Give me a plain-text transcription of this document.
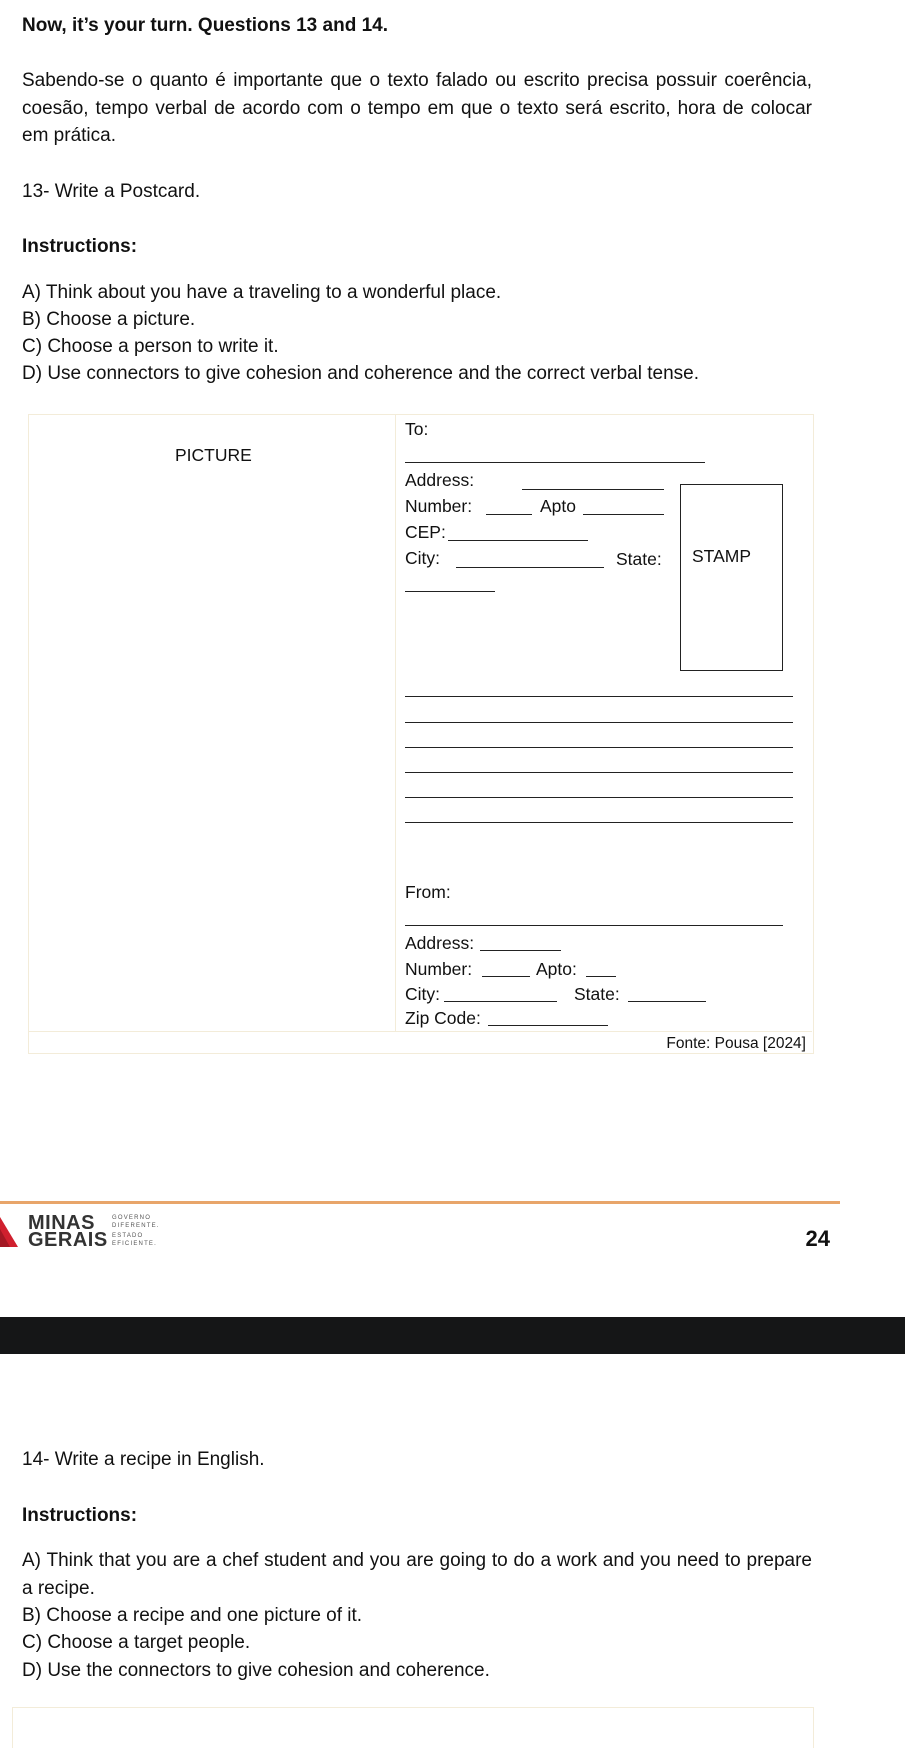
Now, it’s your turn. Questions 13 and 14.
Sabendo-se o quanto é importante que o texto falado ou escrito precisa possuir coerência, coesão, tempo verbal de acordo com o tempo em que o texto será escrito, hora de colocar em prática.
13- Write a Postcard.
Instructions:
A) Think about you have a traveling to a wonderful place.
B) Choose a picture.
C) Choose a person to write it.
D) Use connectors to give cohesion and coherence and the correct verbal tense.
PICTURE
To:
Address:
Number:	Apto
CEP:
City:	State: STAMP
From:
Address:
Number:	Apto:
City:	State:
Zip Code:
Fonte: Pousa [2024]
MINAS
GERAIS
GOVERNO
DIFERENTE.
ESTADO
EFICIENTE.	24
14- Write a recipe in English.
Instructions:
A) Think that you are a chef student and you are going to do a work and you need to prepare a recipe.
B) Choose a recipe and one picture of it.
C) Choose a target people.
D) Use the connectors to give cohesion and coherence.
